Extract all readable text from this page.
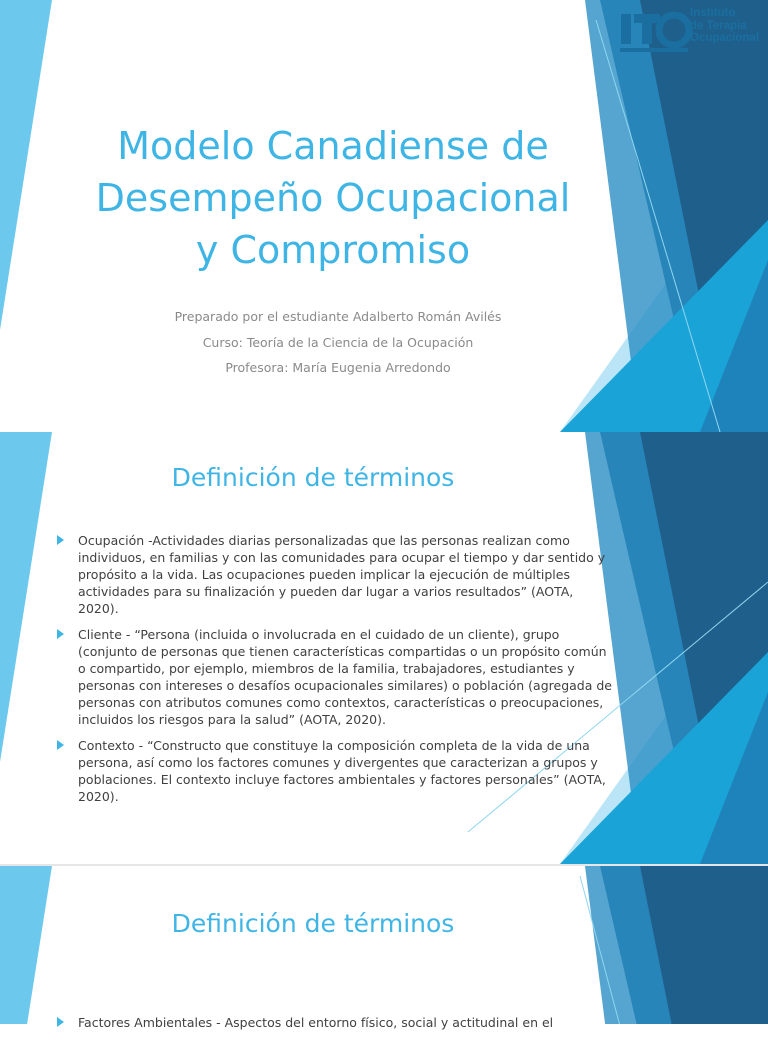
Instituto
de Terapia
Ocupacional
Modelo Canadiense de
Desempeño Ocupacional
y Compromiso
Preparado por el estudiante Adalberto Román Avilés
Curso: Teoría de la Ciencia de la Ocupación
Profesora: María Eugenia Arredondo
Definición de términos
Ocupación -Actividades diarias personalizadas que las personas realizan como individuos, en familias y con las comunidades para ocupar el tiempo y dar sentido y propósito a la vida. Las ocupaciones pueden implicar la ejecución de múltiples actividades para su finalización y pueden dar lugar a varios resultados” (AOTA, 2020).
Cliente - “Persona (incluida o involucrada en el cuidado de un cliente), grupo (conjunto de personas que tienen características compartidas o un propósito común o compartido, por ejemplo, miembros de la familia, trabajadores, estudiantes y personas con intereses o desafíos ocupacionales similares) o población (agregada de personas con atributos comunes como contextos, características o preocupaciones, incluidos los riesgos para la salud” (AOTA, 2020).
Contexto - “Constructo que constituye la composición completa de la vida de una persona, así como los factores comunes y divergentes que caracterizan a grupos y poblaciones. El contexto incluye factores ambientales y factores personales” (AOTA, 2020).
Definición de términos
Factores Ambientales - Aspectos del entorno físico, social y actitudinal en el
